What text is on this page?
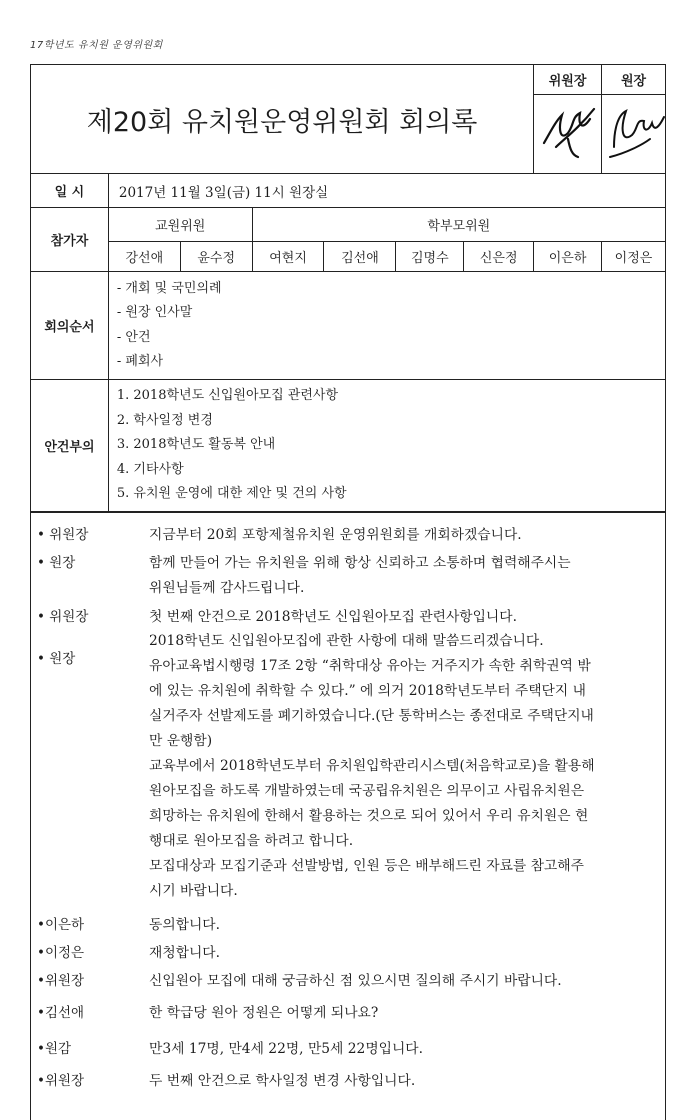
17학년도 유치원 운영위원회
제20회 유치원운영위원회 회의록							위원장	원장

일 시	2017년 11월 3일(금) 11시 원장실							
참가자	교원위원		학부모위원					
	강선애	윤수정	여현지	김선애	김명수	신은정	이은하	이정은
회의순서	- 개회 및 국민의례
- 원장 인사말
- 안건
- 폐회사							

안건부의	1. 2018학년도 신입원아모집 관련사항
2. 학사일정 변경
3. 2018학년도 활동복 안내
4. 기타사항
5. 유치원 운영에 대한 제안 및 건의 사항							
• 위원장	지금부터 20회 포항제철유치원 운영위원회를 개회하겠습니다.
• 원장	함께 만들어 가는 유치원을 위해 항상 신뢰하고 소통하며 협력해주시는
위원님들께 감사드립니다.
• 위원장	첫 번째 안건으로 2018학년도 신입원아모집 관련사항입니다.
• 원장
2018학년도 신입원아모집에 관한 사항에 대해 말씀드리겠습니다.
유아교육법시행령 17조 2항 “취학대상 유아는 거주지가 속한 취학권역 밖
에 있는 유치원에 취학할 수 있다.” 에 의거 2018학년도부터 주택단지 내
실거주자 선발제도를 폐기하였습니다.(단 통학버스는 종전대로 주택단지내
만 운행함)
교육부에서 2018학년도부터 유치원입학관리시스템(처음학교로)을 활용해
원아모집을 하도록 개발하였는데 국공립유치원은 의무이고 사립유치원은
희망하는 유치원에 한해서 활용하는 것으로 되어 있어서 우리 유치원은 현
행대로 원아모집을 하려고 합니다.
모집대상과 모집기준과 선발방법, 인원 등은 배부해드린 자료를 참고해주
시기 바랍니다.
•이은하	동의합니다.
•이정은	재청합니다.
•위원장	신입원아 모집에 대해 궁금하신 점 있으시면 질의해 주시기 바랍니다.
•김선애	한 학급당 원아 정원은 어떻게 되나요?
•원감	만3세 17명, 만4세 22명, 만5세 22명입니다.
•위원장	두 번째 안건으로 학사일정 변경 사항입니다.
